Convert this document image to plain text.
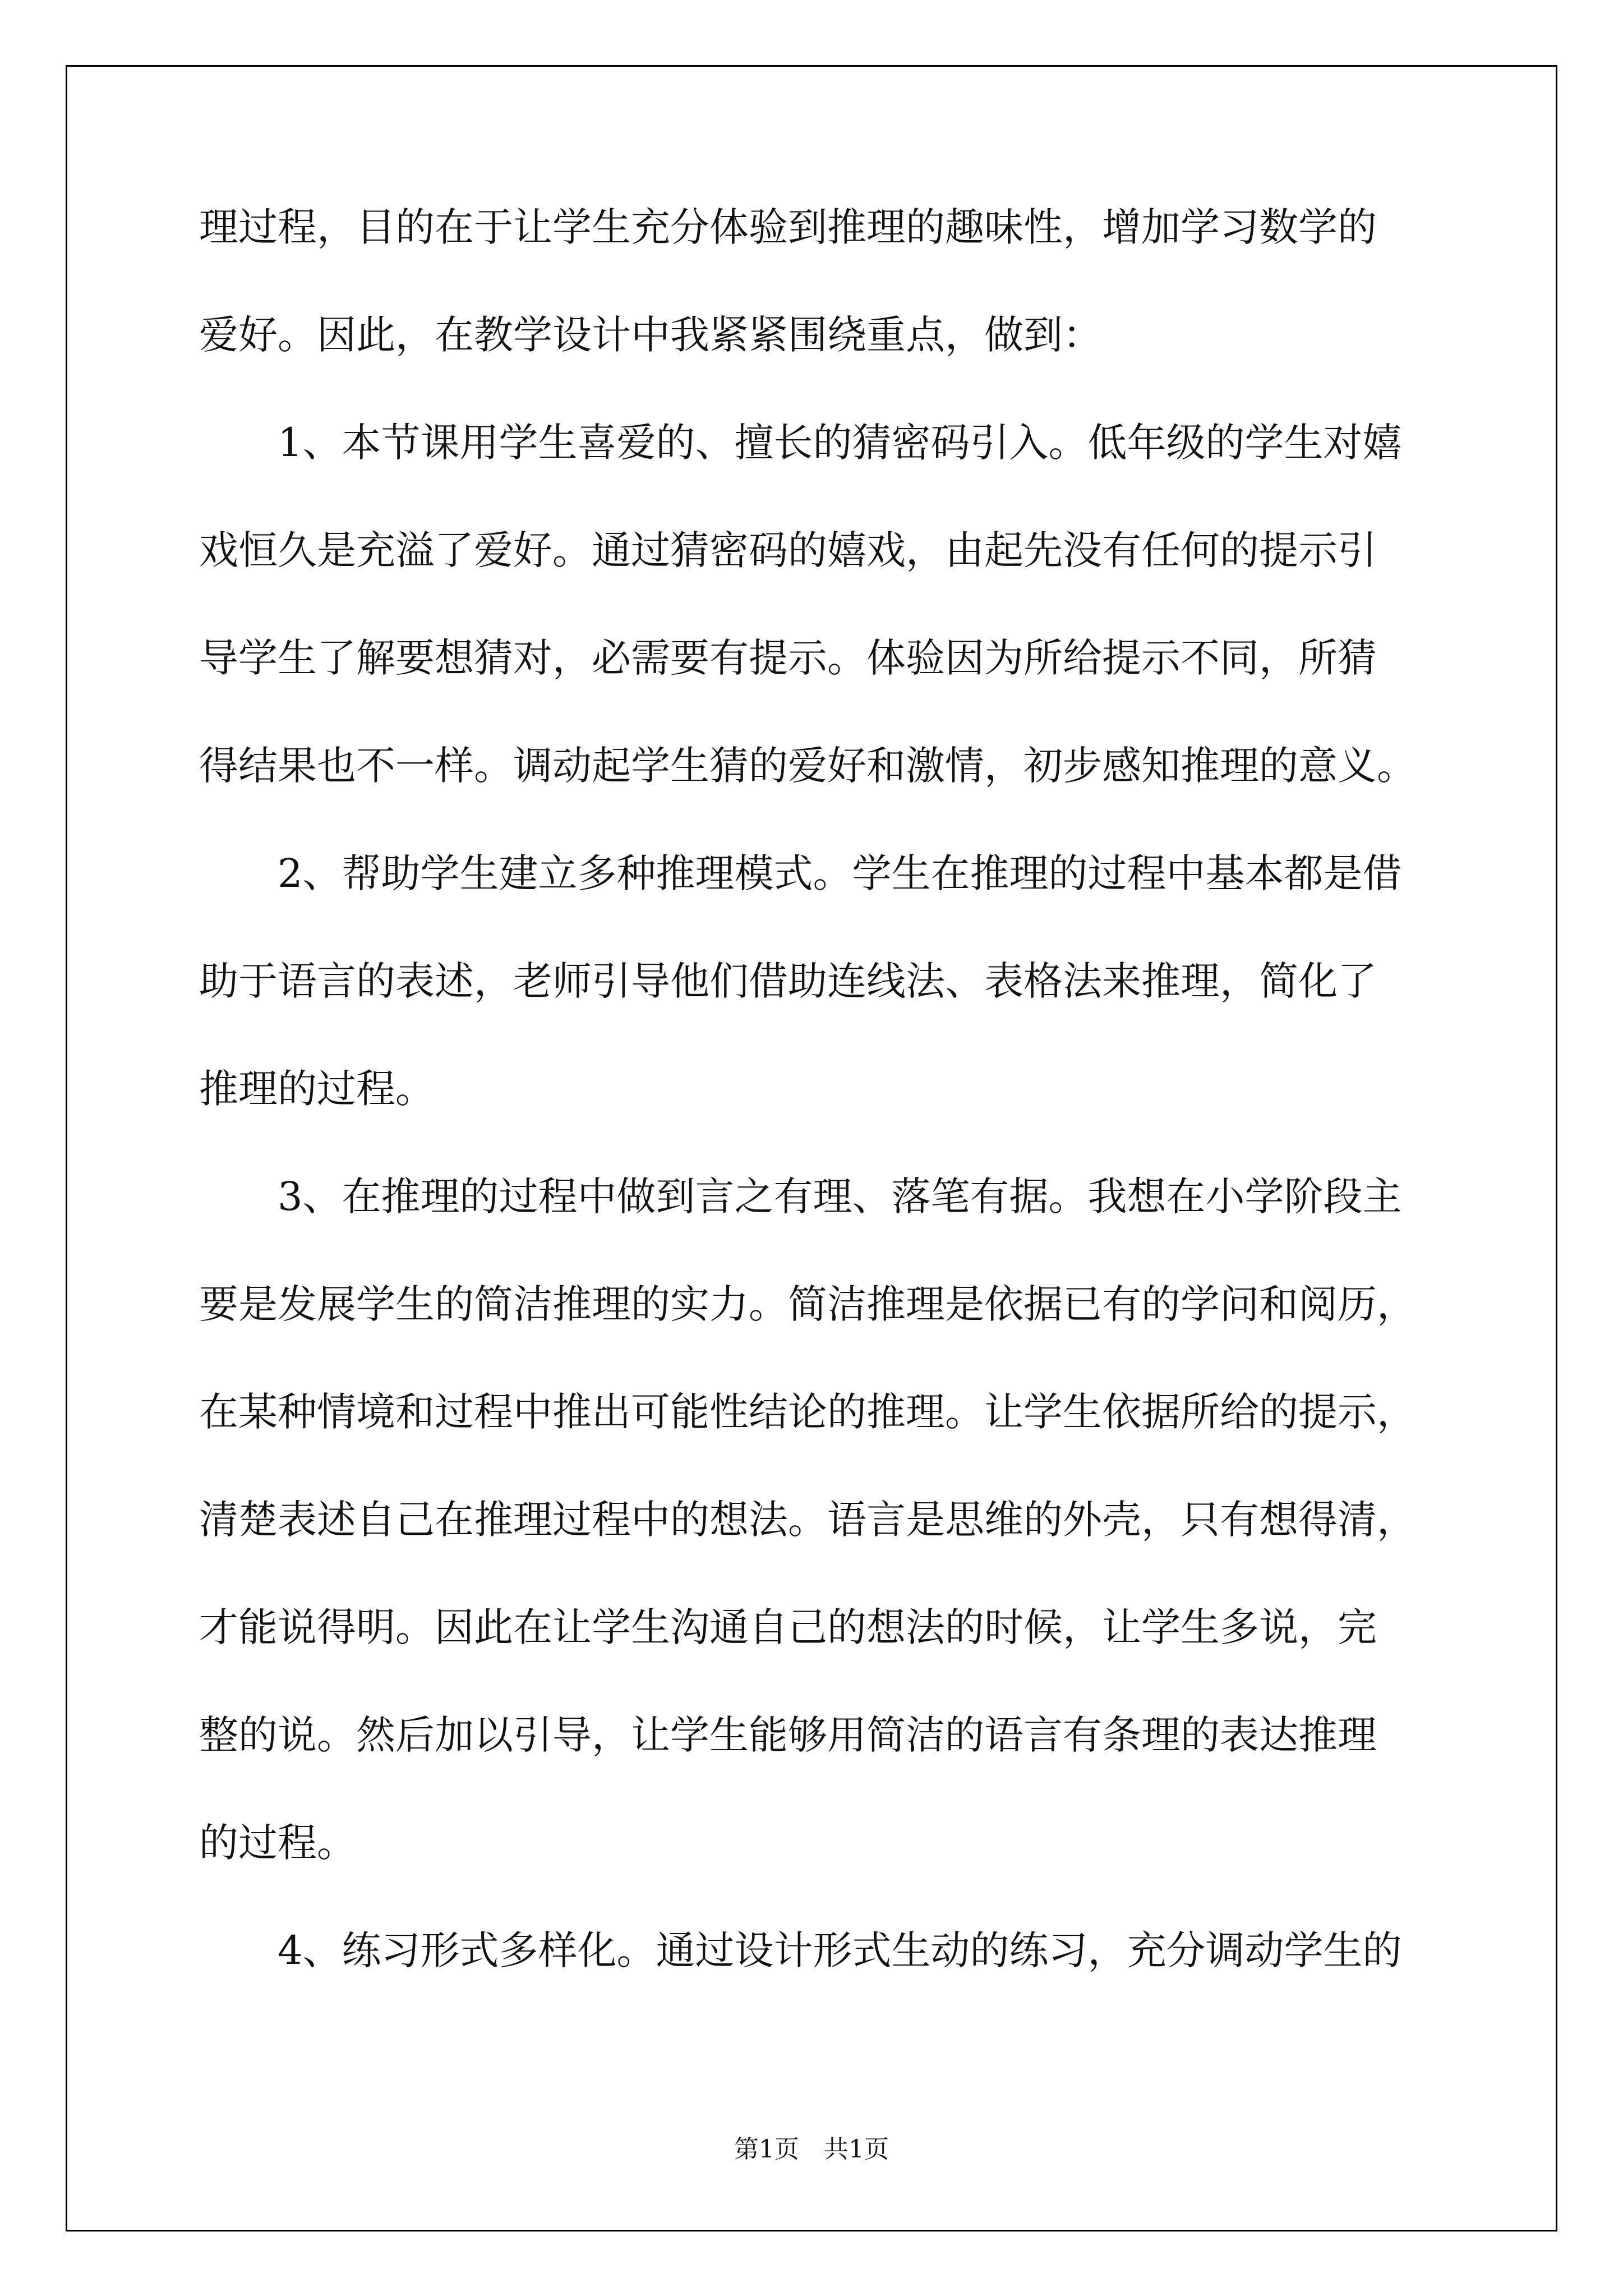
理过程，目的在于让学生充分体验到推理的趣味性，增加学习数学的

爱好。因此，在教学设计中我紧紧围绕重点，做到：

　　1、本节课用学生喜爱的、擅长的猜密码引入。低年级的学生对嬉

戏恒久是充溢了爱好。通过猜密码的嬉戏，由起先没有任何的提示引

导学生了解要想猜对，必需要有提示。体验因为所给提示不同，所猜

得结果也不一样。调动起学生猜的爱好和激情，初步感知推理的意义。

　　2、帮助学生建立多种推理模式。学生在推理的过程中基本都是借

助于语言的表述，老师引导他们借助连线法、表格法来推理，简化了

推理的过程。

　　3、在推理的过程中做到言之有理、落笔有据。我想在小学阶段主

要是发展学生的简洁推理的实力。简洁推理是依据已有的学问和阅历，

在某种情境和过程中推出可能性结论的推理。让学生依据所给的提示，

清楚表述自己在推理过程中的想法。语言是思维的外壳，只有想得清，

才能说得明。因此在让学生沟通自己的想法的时候，让学生多说，完

整的说。然后加以引导，让学生能够用简洁的语言有条理的表达推理

的过程。

　　4、练习形式多样化。通过设计形式生动的练习，充分调动学生的

第1页　共1页
